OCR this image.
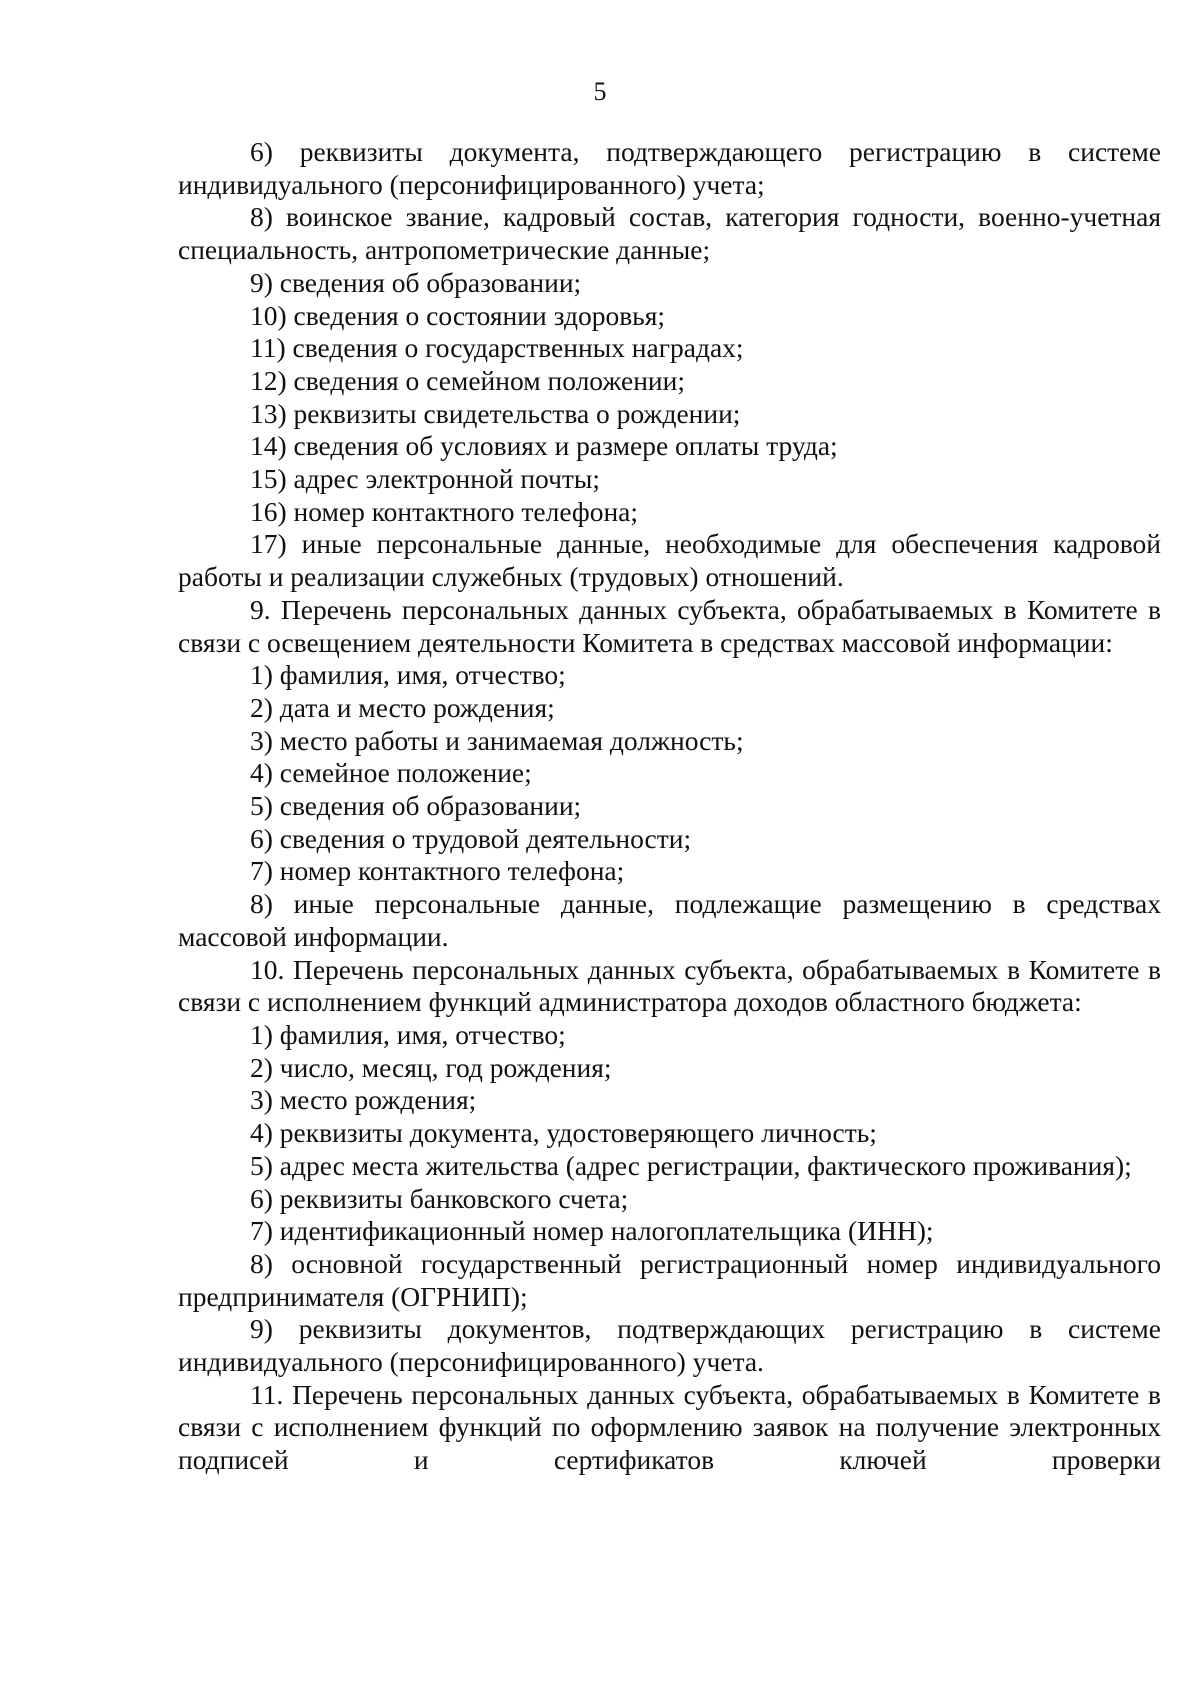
5

6) реквизиты документа, подтверждающего регистрацию в системе индивидуального (персонифицированного) учета;

8) воинское звание, кадровый состав, категория годности, военно-учетная специальность, антропометрические данные;

9) сведения об образовании;

10) сведения о состоянии здоровья;

11) сведения о государственных наградах;

12) сведения о семейном положении;

13) реквизиты свидетельства о рождении;

14) сведения об условиях и размере оплаты труда;

15) адрес электронной почты;

16) номер контактного телефона;

17) иные персональные данные, необходимые для обеспечения кадровой работы и реализации служебных (трудовых) отношений.

9. Перечень персональных данных субъекта, обрабатываемых в Комитете в связи с освещением деятельности Комитета в средствах массовой информации:

1) фамилия, имя, отчество;

2) дата и место рождения;

3) место работы и занимаемая должность;

4) семейное положение;

5) сведения об образовании;

6) сведения о трудовой деятельности;

7) номер контактного телефона;

8) иные персональные данные, подлежащие размещению в средствах массовой информации.

10. Перечень персональных данных субъекта, обрабатываемых в Комитете в связи с исполнением функций администратора доходов областного бюджета:

1) фамилия, имя, отчество;

2) число, месяц, год рождения;

3) место рождения;

4) реквизиты документа, удостоверяющего личность;

5) адрес места жительства (адрес регистрации, фактического проживания);

6) реквизиты банковского счета;

7) идентификационный номер налогоплательщика (ИНН);

8) основной государственный регистрационный номер индивидуального предпринимателя (ОГРНИП);

9) реквизиты документов, подтверждающих регистрацию в системе индивидуального (персонифицированного) учета.

11. Перечень персональных данных субъекта, обрабатываемых в Комитете в связи с исполнением функций по оформлению заявок на получение электронных подписей и сертификатов ключей проверки
